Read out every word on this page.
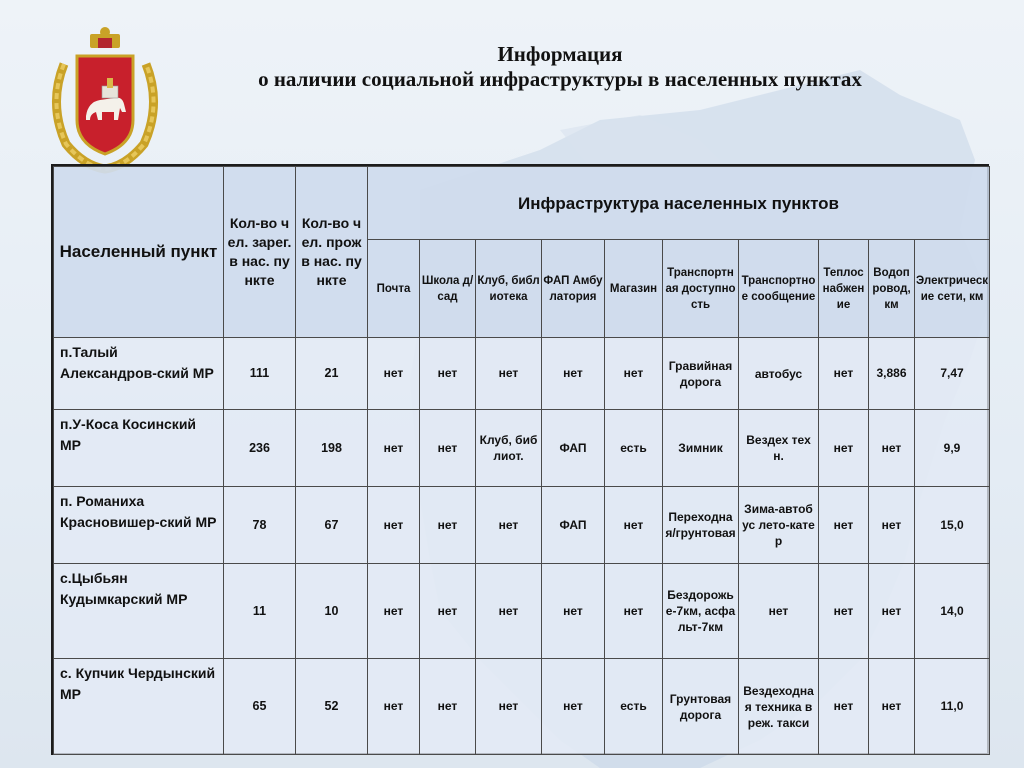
Информация
о наличии социальной инфраструктуры в населенных пунктах
Населенный пункт	Кол-во чел. зарег. в нас. пункте	Кол-во чел. прож в нас. пункте	Инфраструктура населенных пунктов									
			Почта	Школа д/сад	Клуб, библиотека	ФАП Амбулатория	Магазин	Транспортная доступность	Транспортное сообщение	Теплоснабжение	Водопровод, км	Электрические сети, км
п.Талый Александров-ский МР	111	21	нет	нет	нет	нет	нет	Гравийная дорога	автобус	нет	3,886	7,47
п.У-Коса Косинский МР	236	198	нет	нет	Клуб, библиот.	ФАП	есть	Зимник	Вездех техн.	нет	нет	9,9
п. Романиха Красновишер-ский МР	78	67	нет	нет	нет	ФАП	нет	Переходная/грунтовая	Зима-автобус лето-катер	нет	нет	15,0
с.Цыбьян Кудымкарский МР	11	10	нет	нет	нет	нет	нет	Бездорожье-7км, асфальт-7км	нет	нет	нет	14,0
с. Купчик Чердынский МР	65	52	нет	нет	нет	нет	есть	Грунтовая дорога	Вездеходная техника в реж. такси	нет	нет	11,0
